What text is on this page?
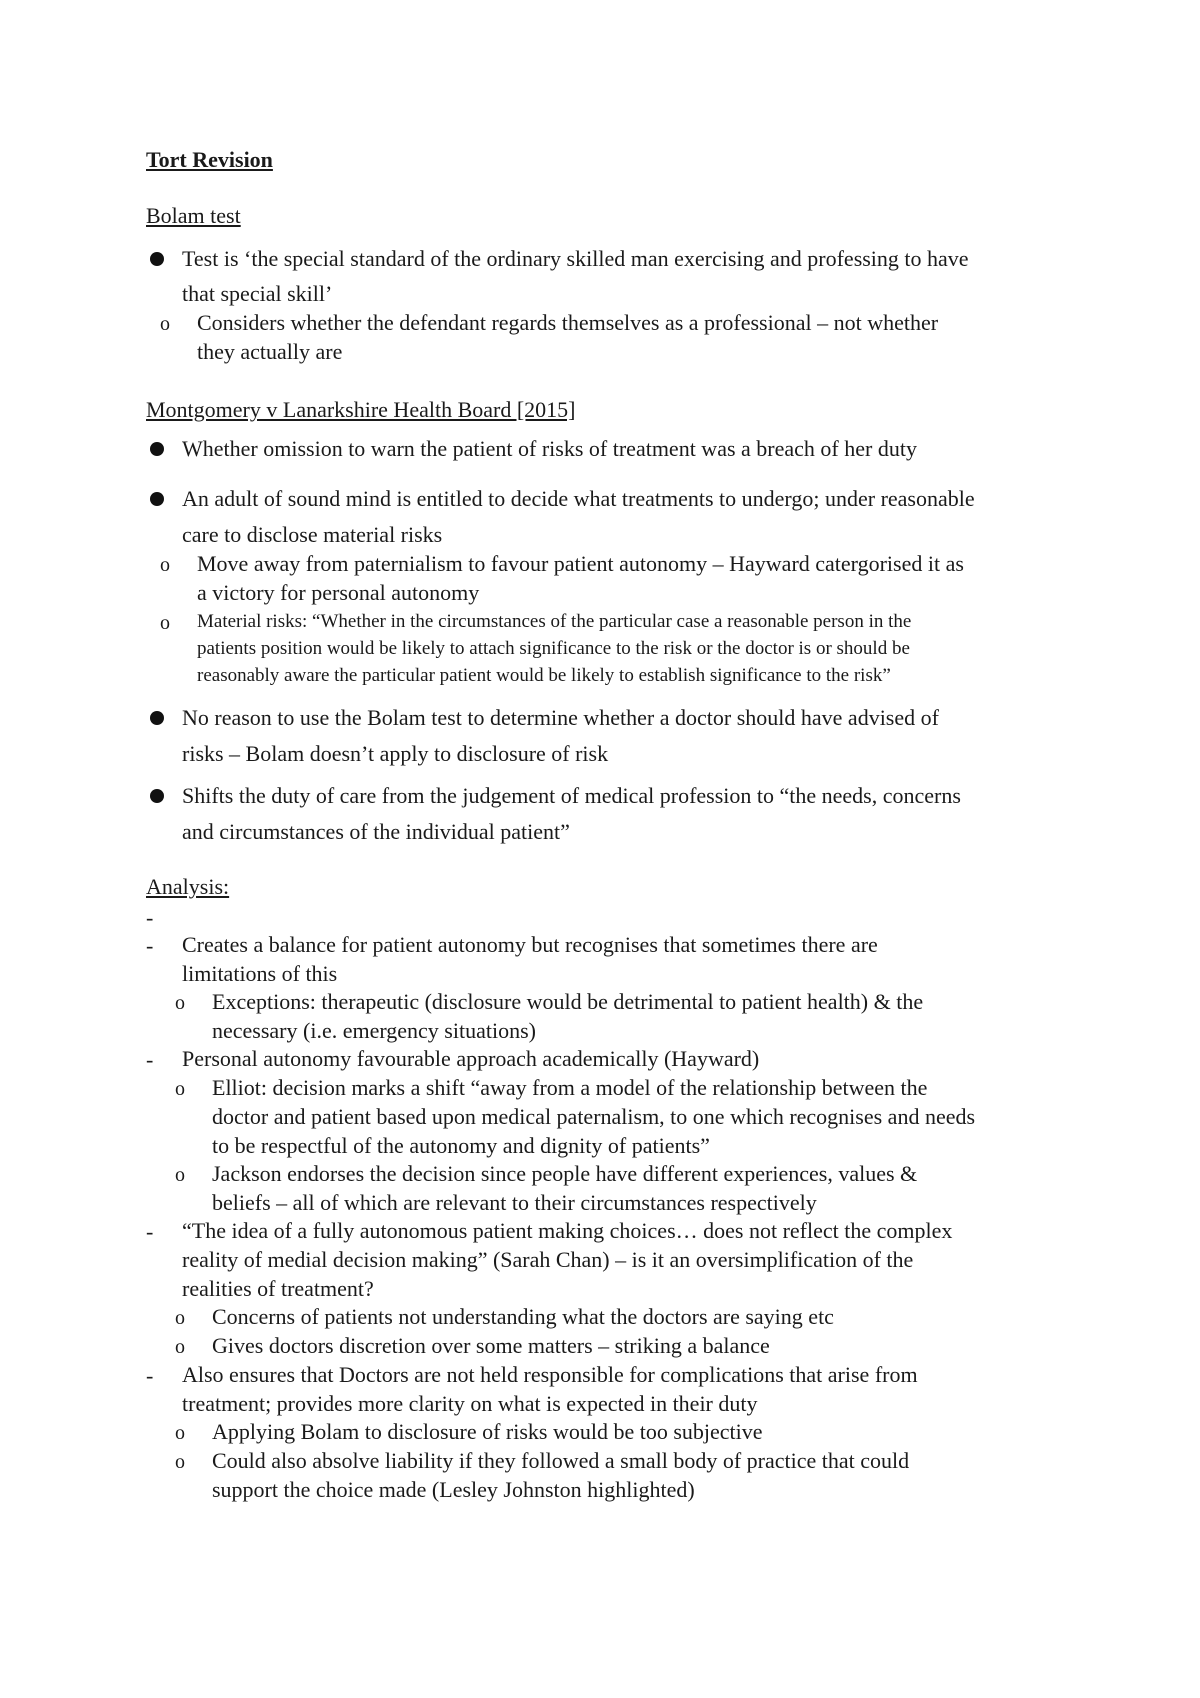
Tort Revision
Bolam test
Test is ‘the special standard of the ordinary skilled man exercising and professing to have
that special skill’
o Considers whether the defendant regards themselves as a professional – not whether
they actually are
Montgomery v Lanarkshire Health Board [2015]
Whether omission to warn the patient of risks of treatment was a breach of her duty
An adult of sound mind is entitled to decide what treatments to undergo; under reasonable
care to disclose material risks
o Move away from paternialism to favour patient autonomy – Hayward catergorised it as
a victory for personal autonomy
o Material risks: “Whether in the circumstances of the particular case a reasonable person in the
patients position would be likely to attach significance to the risk or the doctor is or should be
reasonably aware the particular patient would be likely to establish significance to the risk”
No reason to use the Bolam test to determine whether a doctor should have advised of
risks – Bolam doesn’t apply to disclosure of risk
Shifts the duty of care from the judgement of medical profession to “the needs, concerns
and circumstances of the individual patient”
Analysis:
-
- Creates a balance for patient autonomy but recognises that sometimes there are
limitations of this
o Exceptions: therapeutic (disclosure would be detrimental to patient health) & the
necessary (i.e. emergency situations)
- Personal autonomy favourable approach academically (Hayward)
o Elliot: decision marks a shift “away from a model of the relationship between the
doctor and patient based upon medical paternalism, to one which recognises and needs
to be respectful of the autonomy and dignity of patients”
o Jackson endorses the decision since people have different experiences, values &
beliefs – all of which are relevant to their circumstances respectively
- “The idea of a fully autonomous patient making choices… does not reflect the complex
reality of medial decision making” (Sarah Chan) – is it an oversimplification of the
realities of treatment?
o Concerns of patients not understanding what the doctors are saying etc
o Gives doctors discretion over some matters – striking a balance
- Also ensures that Doctors are not held responsible for complications that arise from
treatment; provides more clarity on what is expected in their duty
o Applying Bolam to disclosure of risks would be too subjective
o Could also absolve liability if they followed a small body of practice that could
support the choice made (Lesley Johnston highlighted)
